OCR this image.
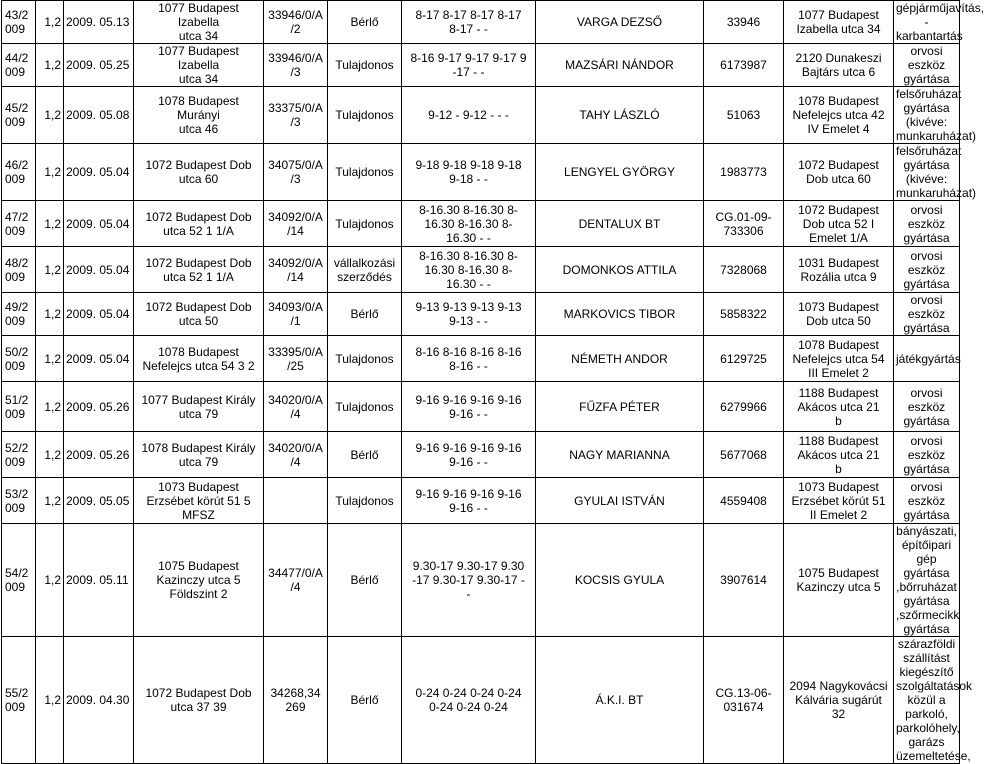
43/2
009	1,2	2009. 05.13	1077 Budapest Izabella
utca 34	33946/0/A
/2	Bérlő	8-17 8-17 8-17 8-17
8-17 - -	VARGA DEZSŐ	33946	1077 Budapest
Izabella utca 34	gépjárműjavítás, -
karbantartás
44/2
009	1,2	2009. 05.25	1077 Budapest Izabella
utca 34	33946/0/A
/3	Tulajdonos	8-16 9-17 9-17 9-17 9
-17 - -	MAZSÁRI NÁNDOR	6173987	2120 Dunakeszi
Bajtárs utca 6	orvosi eszköz gyártása
45/2
009	1,2	2009. 05.08	1078 Budapest Murányi
utca 46	33375/0/A
/3	Tulajdonos	9-12 - 9-12 - - -	TAHY LÁSZLÓ	51063	1078 Budapest
Nefelejcs utca 42
IV Emelet 4	felsőruházat gyártása
(kivéve: munkaruházat)
46/2
009	1,2	2009. 05.04	1072 Budapest Dob
utca 60	34075/0/A
/3	Tulajdonos	9-18 9-18 9-18 9-18
9-18 - -	LENGYEL GYÖRGY	1983773	1072 Budapest
Dob utca 60	felsőruházat gyártása
(kivéve: munkaruházat)
47/2
009	1,2	2009. 05.04	1072 Budapest Dob
utca 52 1 1/A	34092/0/A
/14	Tulajdonos	8-16.30 8-16.30 8-
16.30 8-16.30 8-
16.30 - -	DENTALUX BT	CG.01-09-
733306	1072 Budapest
Dob utca 52 I
Emelet 1/A	orvosi eszköz gyártása
48/2
009	1,2	2009. 05.04	1072 Budapest Dob
utca 52 1 1/A	34092/0/A
/14	vállalkozási
szerződés	8-16.30 8-16.30 8-
16.30 8-16.30 8-
16.30 - -	DOMONKOS ATTILA	7328068	1031 Budapest
Rozália utca 9	orvosi eszköz gyártása
49/2
009	1,2	2009. 05.04	1072 Budapest Dob
utca 50	34093/0/A
/1	Bérlő	9-13 9-13 9-13 9-13
9-13 - -	MARKOVICS TIBOR	5858322	1073 Budapest
Dob utca 50	orvosi eszköz gyártása
50/2
009	1,2	2009. 05.04	1078 Budapest
Nefelejcs utca 54 3 2	33395/0/A
/25	Tulajdonos	8-16 8-16 8-16 8-16
8-16 - -	NÉMETH ANDOR	6129725	1078 Budapest
Nefelejcs utca 54
III Emelet 2	játékgyártás
51/2
009	1,2	2009. 05.26	1077 Budapest Király
utca 79	34020/0/A
/4	Tulajdonos	9-16 9-16 9-16 9-16
9-16 - -	FŰZFA PÉTER	6279966	1188 Budapest
Akácos utca 21
b	orvosi eszköz gyártása
52/2
009	1,2	2009. 05.26	1078 Budapest Király
utca 79	34020/0/A
/4	Bérlő	9-16 9-16 9-16 9-16
9-16 - -	NAGY MARIANNA	5677068	1188 Budapest
Akácos utca 21
b	orvosi eszköz gyártása
53/2
009	1,2	2009. 05.05	1073 Budapest
Erzsébet körút 51 5
MFSZ		Tulajdonos	9-16 9-16 9-16 9-16
9-16 - -	GYULAI ISTVÁN	4559408	1073 Budapest
Erzsébet körút 51
II Emelet 2	orvosi eszköz gyártása
54/2
009	1,2	2009. 05.11	1075 Budapest
Kazinczy utca 5
Földszint 2	34477/0/A
/4	Bérlő	9.30-17 9.30-17 9.30
-17 9.30-17 9.30-17 -
-	KOCSIS GYULA	3907614	1075 Budapest
Kazinczy utca 5	bányászati, építőipari gép
gyártása ,bőrruházat
gyártása ,szőrmecikk
gyártása
55/2
009	1,2	2009. 04.30	1072 Budapest Dob
utca 37 39	34268,34
269	Bérlő	0-24 0-24 0-24 0-24
0-24 0-24 0-24	Á.K.I. BT	CG.13-06-
031674	2094 Nagykovácsi
Kálvária sugárút
32	szárazföldi szállítást
kiegészítő szolgáltatások
közül a parkoló,
parkolóhely, garázs
üzemeltetése,
